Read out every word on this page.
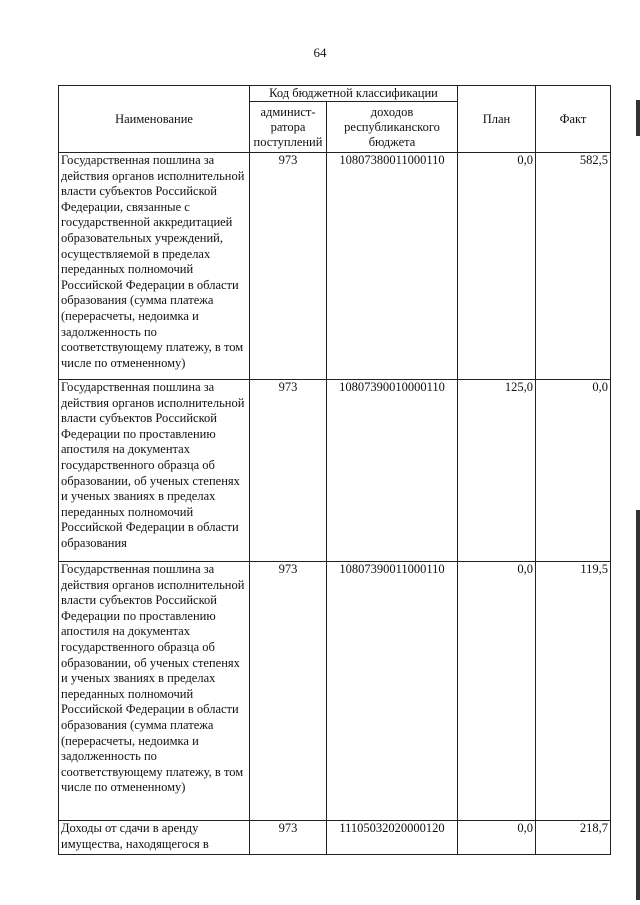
64
Наименование	Код бюджетной классификации		План	Факт
	админист- ратора поступлений	доходов республиканского бюджета		
Государственная пошлина за действия органов исполнительной власти субъектов Российской Федерации, связанные с государственной аккредитацией образовательных учреждений, осуществляемой в пределах переданных полномочий Российской Федерации в области образования (сумма платежа (перерасчеты, недоимка и задолженность по соответствующему платежу, в том числе по отмененному)	973	10807380011000110	0,0	582,5
Государственная пошлина за действия органов исполнительной власти субъектов Российской Федерации по проставлению апостиля на документах государственного образца об образовании, об ученых степенях и ученых званиях в пределах переданных полномочий Российской Федерации в области образования	973	10807390010000110	125,0	0,0
Государственная пошлина за действия органов исполнительной власти субъектов Российской Федерации по проставлению апостиля на документах государственного образца об образовании, об ученых степенях и ученых званиях в пределах переданных полномочий Российской Федерации в области образования (сумма платежа (перерасчеты, недоимка и задолженность по соответствующему платежу, в том числе по отмененному)	973	10807390011000110	0,0	119,5
Доходы от сдачи в аренду имущества, находящегося в	973	11105032020000120	0,0	218,7
